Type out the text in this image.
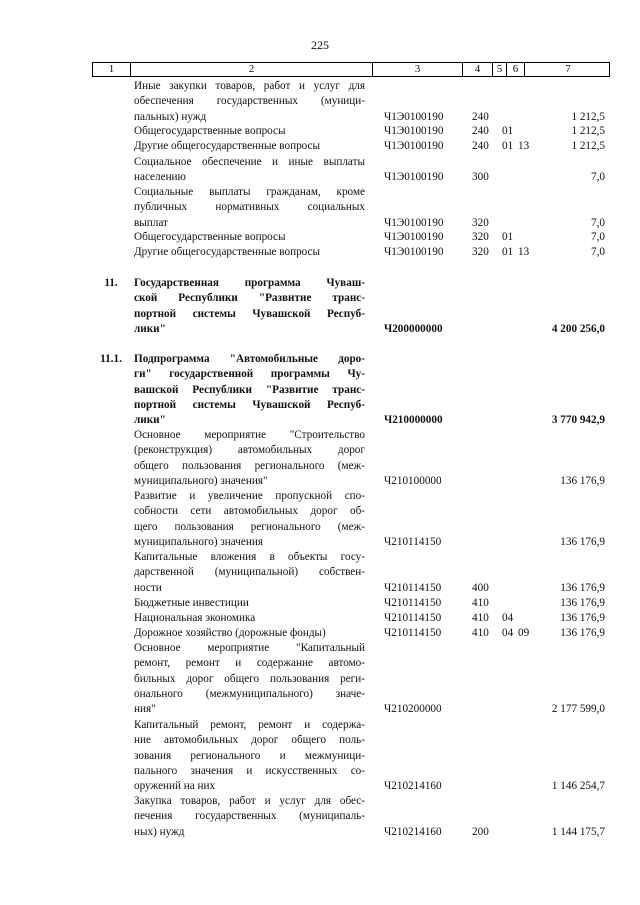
225
1	2	3	4	5 6	7
Иные закупки товаров, работ и услуг для
обеспечения государственных (муници-
пальных) нужд	Ч1Э0100190	240	1 212,5
Общегосударственные вопросы	Ч1Э0100190	240	01	1 212,5
Другие общегосударственные вопросы	Ч1Э0100190	240	01 13	1 212,5
Социальное обеспечение и иные выплаты
населению	Ч1Э0100190	300	7,0
Социальные выплаты гражданам, кроме
публичных нормативных социальных
выплат	Ч1Э0100190	320	7,0
Общегосударственные вопросы	Ч1Э0100190	320	01	7,0
Другие общегосударственные вопросы	Ч1Э0100190	320	01 13	7,0
11.	Государственная программа Чуваш-
ской Республики "Развитие транс-
портной системы Чувашской Респуб-
лики"	Ч200000000	4 200 256,0
11.1.	Подпрограмма "Автомобильные доро-
ги" государственной программы Чу-
вашской Республики "Развитие транс-
портной системы Чувашской Респуб-
лики"	Ч210000000	3 770 942,9
Основное мероприятие "Строительство
(реконструкция) автомобильных дорог
общего пользования регионального (меж-
муниципального) значения"	Ч210100000	136 176,9
Развитие и увеличение пропускной спо-
собности сети автомобильных дорог об-
щего пользования регионального (меж-
муниципального) значения	Ч210114150	136 176,9
Капитальные вложения в объекты госу-
дарственной (муниципальной) собствен-
ности	Ч210114150	400	136 176,9
Бюджетные инвестиции	Ч210114150	410	136 176,9
Национальная экономика	Ч210114150	410	04	136 176,9
Дорожное хозяйство (дорожные фонды)	Ч210114150	410	04 09	136 176,9
Основное мероприятие "Капитальный
ремонт, ремонт и содержание автомо-
бильных дорог общего пользования реги-
онального (межмуниципального) значе-
ния"	Ч210200000	2 177 599,0
Капитальный ремонт, ремонт и содержа-
ние автомобильных дорог общего поль-
зования регионального и межмуници-
пального значения и искусственных со-
оружений на них	Ч210214160	1 146 254,7
Закупка товаров, работ и услуг для обес-
печения государственных (муниципаль-
ных) нужд	Ч210214160	200	1 144 175,7
